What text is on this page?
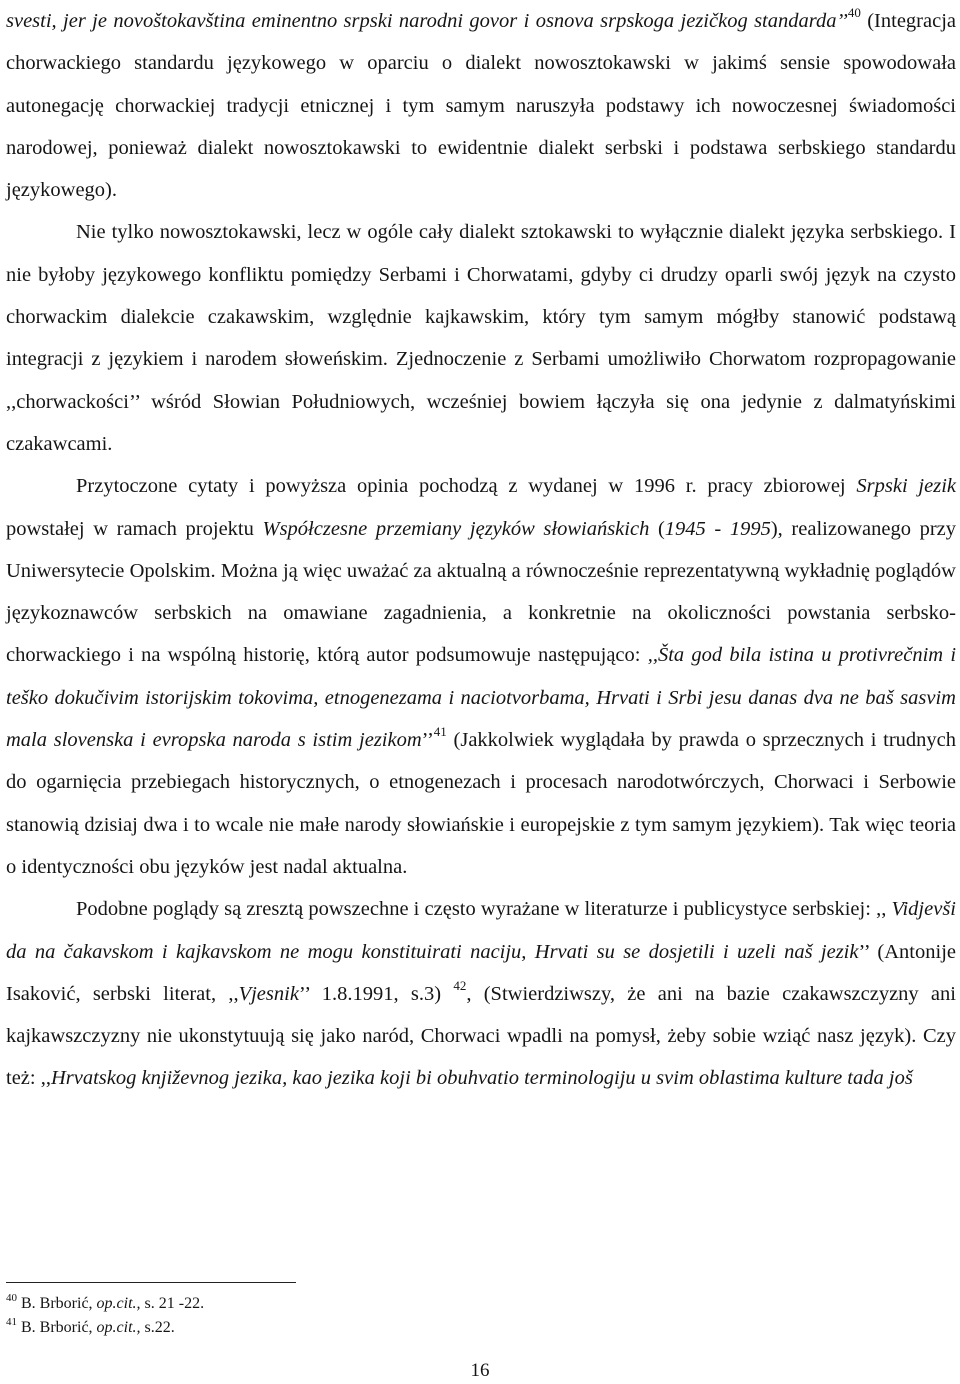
svesti, jer je novoštokavština eminentno srpski narodni govor i osnova srpskoga jezičkog standarda’’$^{40}$ (Integracja chorwackiego standardu językowego w oparciu o dialekt nowosztokawski w jakimś sensie spowodowała autonegację chorwackiej tradycji etnicznej i tym samym naruszyła podstawy ich nowoczesnej świadomości narodowej, ponieważ dialekt nowosztokawski to ewidentnie dialekt serbski i podstawa serbskiego standardu językowego).

Nie tylko nowosztokawski, lecz w ogóle cały dialekt sztokawski to wyłącznie dialekt języka serbskiego. I nie byłoby językowego konfliktu pomiędzy Serbami i Chorwatami, gdyby ci drudzy oparli swój język na czysto chorwackim dialekcie czakawskim, względnie kajkawskim, który tym samym mógłby stanowić podstawą integracji z językiem i narodem słoweńskim. Zjednoczenie z Serbami umożliwiło Chorwatom rozpropagowanie ,,chorwackości’’ wśród Słowian Południowych, wcześniej bowiem łączyła się ona jedynie z dalmatyńskimi czakawcami.

Przytoczone cytaty i powyższa opinia pochodzą z wydanej w 1996 r. pracy zbiorowej Srpski jezik powstałej w ramach projektu Współczesne przemiany języków słowiańskich (1945 - 1995), realizowanego przy Uniwersytecie Opolskim. Można ją więc uważać za aktualną a równocześnie reprezentatywną wykładnię poglądów językoznawców serbskich na omawiane zagadnienia, a konkretnie na okoliczności powstania serbsko-chorwackiego i na wspólną historię, którą autor podsumowuje następująco: ,,Šta god bila istina u protivrečnim i teško dokučivim istorijskim tokovima, etnogenezama i naciotvorbama, Hrvati i Srbi jesu danas dva ne baš sasvim mala slovenska i evropska naroda s istim jezikom’’$^{41}$ (Jakkolwiek wyglądała by prawda o sprzecznych i trudnych do ogarnięcia przebiegach historycznych, o etnogenezach i procesach narodotwórczych, Chorwaci i Serbowie stanowią dzisiaj dwa i to wcale nie małe narody słowiańskie i europejskie z tym samym językiem). Tak więc teoria o identyczności obu języków jest nadal aktualna.

Podobne poglądy są zresztą powszechne i często wyrażane w literaturze i publicystyce serbskiej: ,, Vidjevši da na čakavskom i kajkavskom ne mogu konstituirati naciju, Hrvati su se dosjetili i uzeli naš jezik’’ (Antonije Isaković, serbski literat, ,,Vjesnik’’ 1.8.1991, s.3) $^{42}$, (Stwierdziwszy, że ani na bazie czakawszczyzny ani kajkawszczyzny nie ukonstytuują się jako naród, Chorwaci wpadli na pomysł, żeby sobie wziąć nasz język). Czy też: ,,Hrvatskog književnog jezika, kao jezika koji bi obuhvatio terminologiju u svim oblastima kulture tada još

$^{40}$ B. Brborić, op.cit., s. 21 -22.
$^{41}$ B. Brborić, op.cit., s.22.
16
